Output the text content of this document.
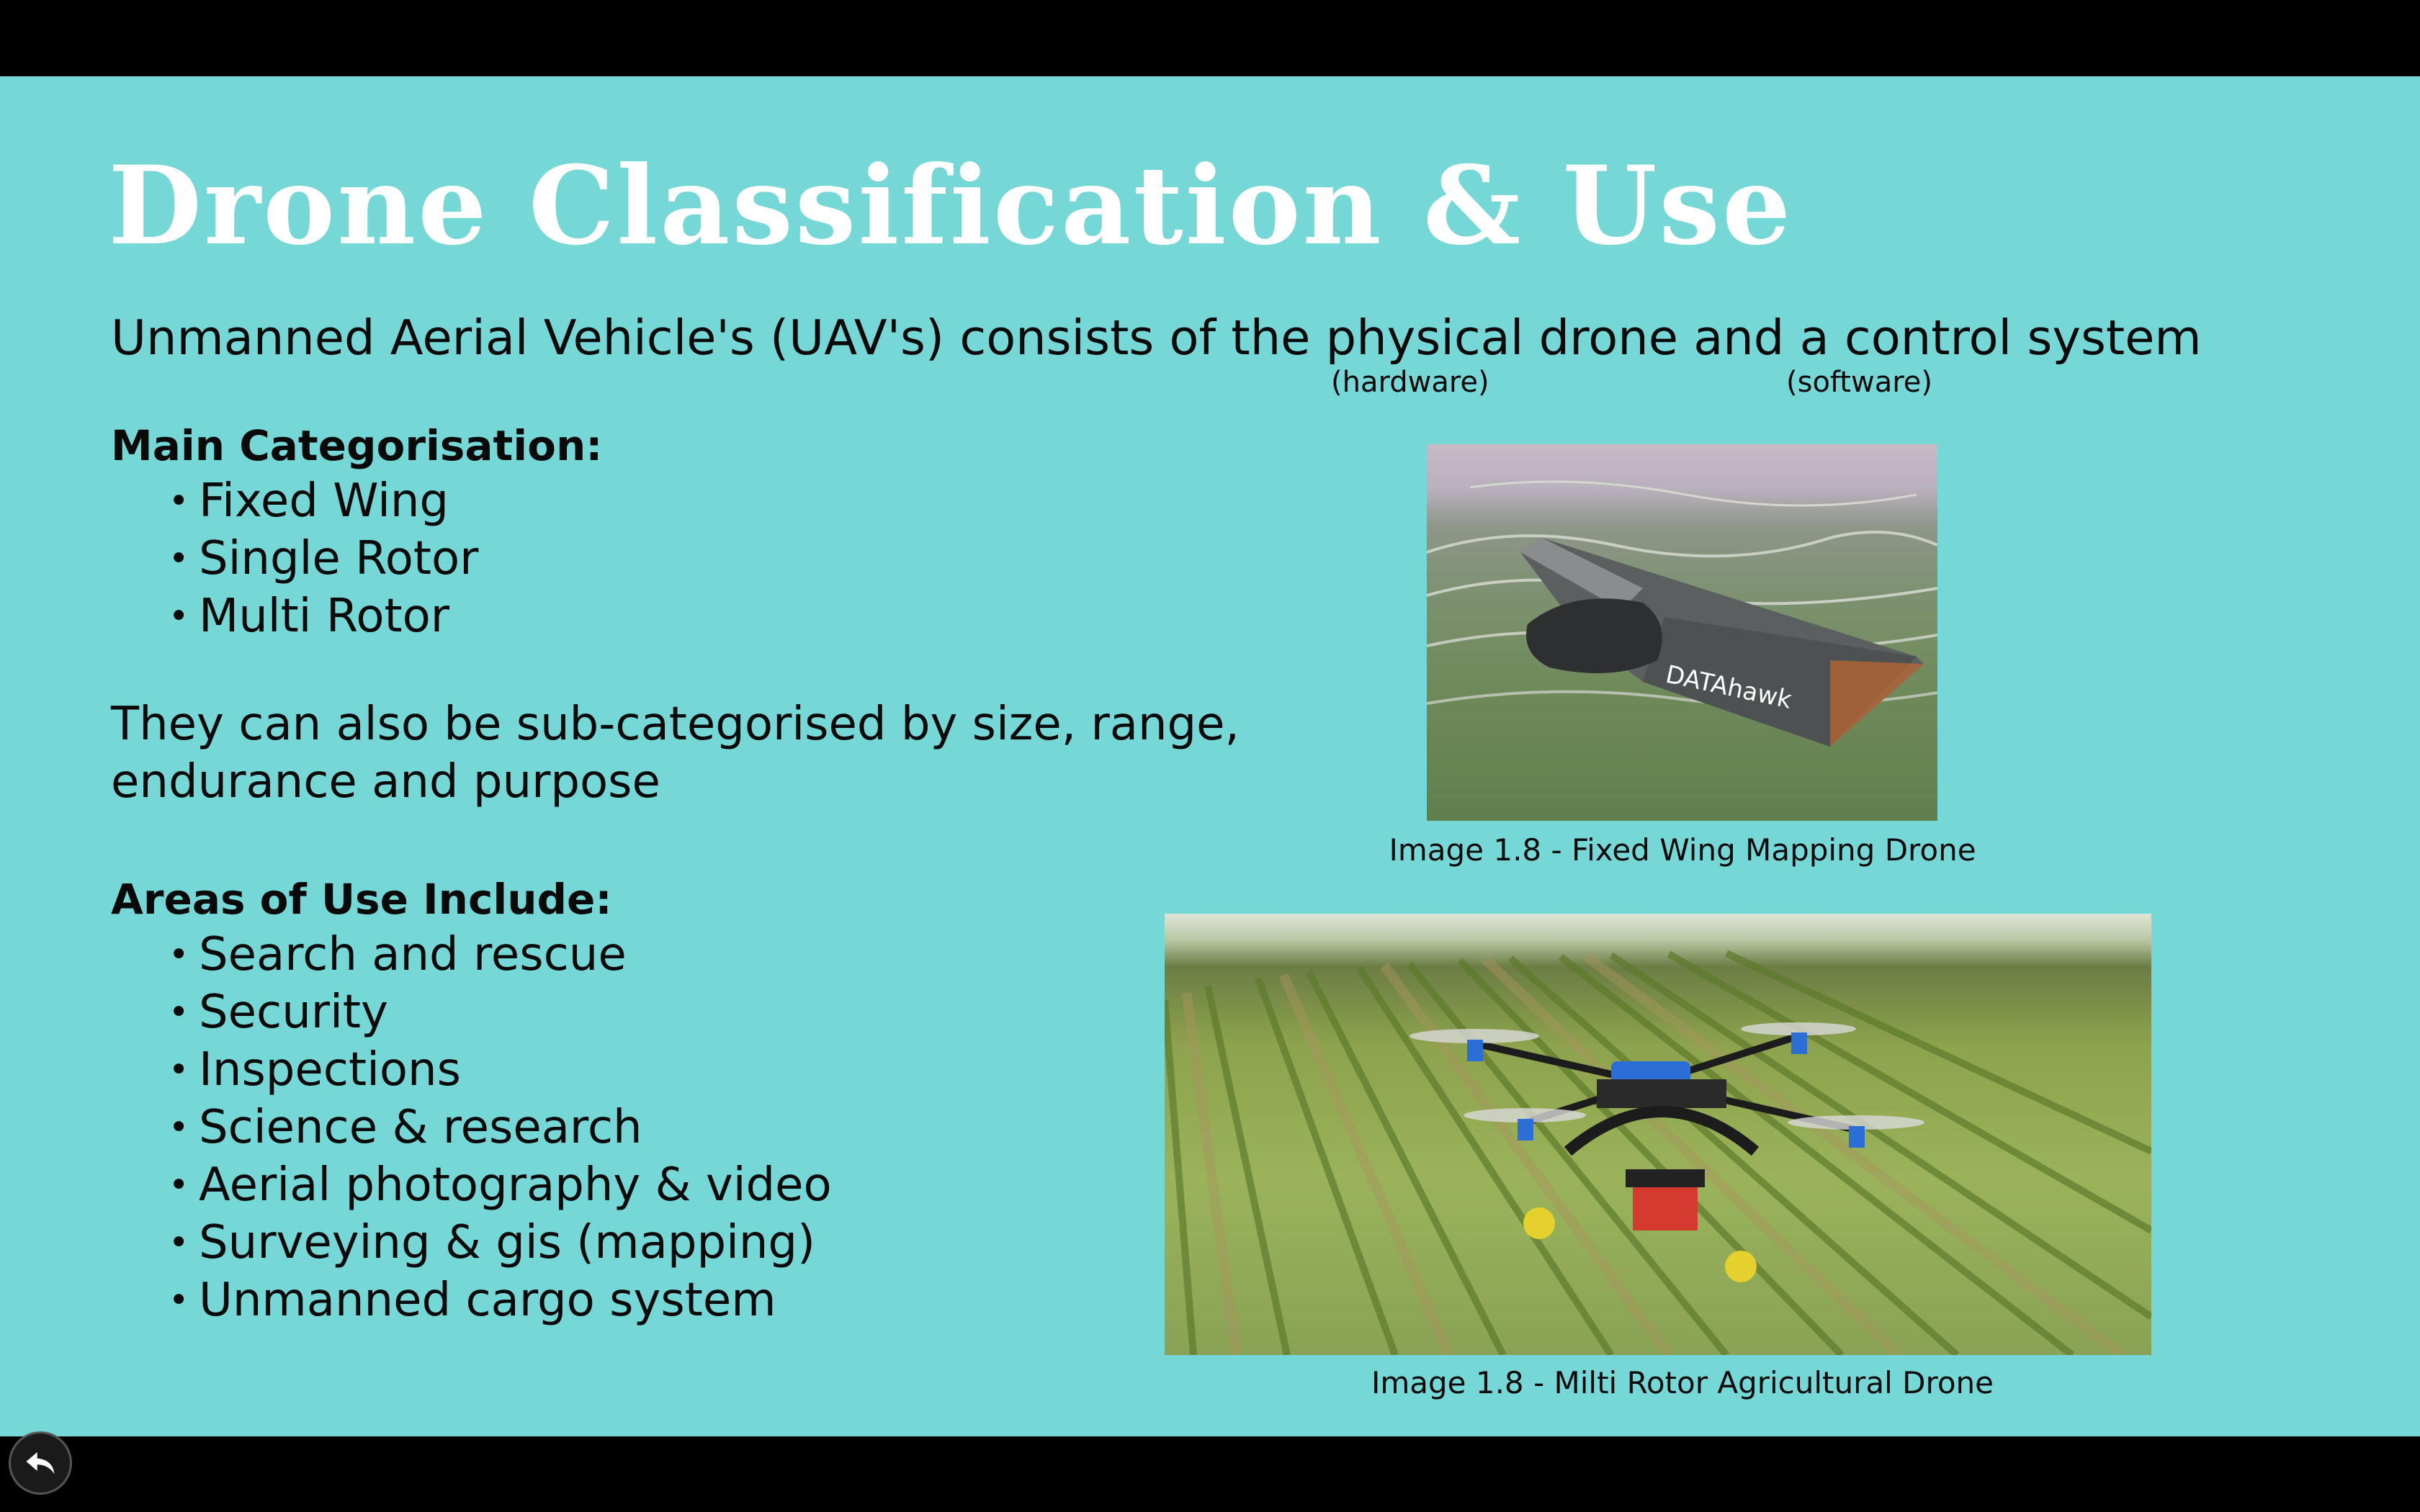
Drone Classification & Use
Unmanned Aerial Vehicle's (UAV's) consists of the physical drone and a control system
(hardware)	(software)
Main Categorisation:
• Fixed Wing
• Single Rotor
• Multi Rotor
They can also be sub-categorised by size, range, endurance and purpose
Areas of Use Include:
• Search and rescue
• Security
• Inspections
• Science & research
• Aerial photography & video
• Surveying & gis (mapping)
• Unmanned cargo system
DATAhawk
Image 1.8 - Fixed Wing Mapping Drone
Image 1.8 - Milti Rotor Agricultural Drone
